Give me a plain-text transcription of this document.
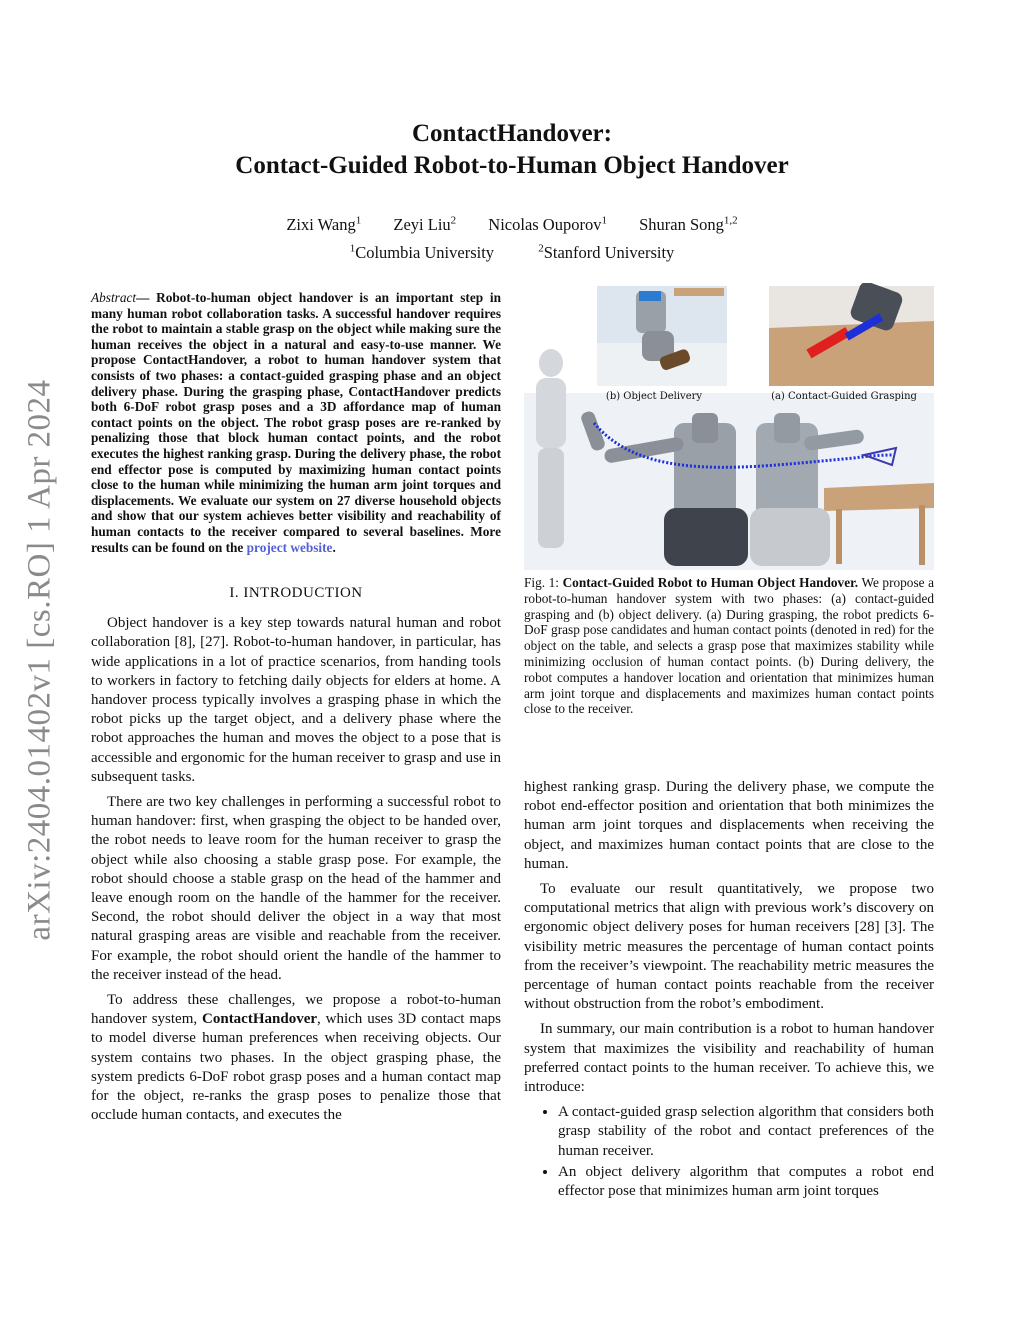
ContactHandover:
Contact-Guided Robot-to-Human Object Handover
Zixi Wang$^1$ Zeyi Liu$^2$ Nicolas Ouporov$^1$ Shuran Song$^{1,2}$
$^1$Columbia University	$^2$Stanford University
arXiv:2404.01402v1 [cs.RO] 1 Apr 2024

Abstract— Robot-to-human object handover is an important step in many human robot collaboration tasks. A successful handover requires the robot to maintain a stable grasp on the object while making sure the human receives the object in a natural and easy-to-use manner. We propose ContactHandover, a robot to human handover system that consists of two phases: a contact-guided grasping phase and an object delivery phase. During the grasping phase, ContactHandover predicts both 6-DoF robot grasp poses and a 3D affordance map of human contact points on the object. The robot grasp poses are re-ranked by penalizing those that block human contact points, and the robot executes the highest ranking grasp. During the delivery phase, the robot end effector pose is computed by maximizing human contact points close to the human while minimizing the human arm joint torques and displacements. We evaluate our system on 27 diverse household objects and show that our system achieves better visibility and reachability of human contacts to the receiver compared to several baselines. More results can be found on the project website.

I. INTRODUCTION

Object handover is a key step towards natural human and robot collaboration [8], [27]. Robot-to-human handover, in particular, has wide applications in a lot of practice scenarios, from handing tools to workers in factory to fetching daily objects for elders at home. A handover process typically involves a grasping phase in which the robot picks up the target object, and a delivery phase where the robot approaches the human and moves the object to a pose that is accessible and ergonomic for the human receiver to grasp and use in subsequent tasks.

There are two key challenges in performing a successful robot to human handover: first, when grasping the object to be handed over, the robot needs to leave room for the human receiver to grasp the object while also choosing a stable grasp pose. For example, the robot should choose a stable grasp on the head of the hammer and leave enough room on the handle of the hammer for the receiver. Second, the robot should deliver the object in a way that most natural grasping areas are visible and reachable from the receiver. For example, the robot should orient the handle of the hammer to the receiver instead of the head.

To address these challenges, we propose a robot-to-human handover system, ContactHandover, which uses 3D contact maps to model diverse human preferences when receiving objects. Our system contains two phases. In the object grasping phase, the system predicts 6-DoF robot grasp poses and a human contact map for the object, re-ranks the grasp poses to penalize those that occlude human contacts, and executes the

(b) Object Delivery	(a) Contact-Guided Grasping
Fig. 1: Contact-Guided Robot to Human Object Handover. We propose a robot-to-human handover system with two phases: (a) contact-guided grasping and (b) object delivery. (a) During grasping, the robot predicts 6-DoF grasp pose candidates and human contact points (denoted in red) for the object on the table, and selects a grasp pose that maximizes stability while minimizing occlusion of human contact points. (b) During delivery, the robot computes a handover location and orientation that minimizes human arm joint torque and displacements and maximizes human contact points close to the receiver.

highest ranking grasp. During the delivery phase, we compute the robot end-effector position and orientation that both minimizes the human arm joint torques and displacements when receiving the object, and maximizes human contact points that are close to the human.

To evaluate our result quantitatively, we propose two computational metrics that align with previous work’s discovery on ergonomic object delivery poses for human receivers [28] [3]. The visibility metric measures the percentage of human contact points from the receiver’s viewpoint. The reachability metric measures the percentage of human contact points reachable from the receiver without obstruction from the robot’s embodiment.

In summary, our main contribution is a robot to human handover system that maximizes the visibility and reachability of human preferred contact points to the human receiver. To achieve this, we introduce:

• A contact-guided grasp selection algorithm that considers both grasp stability of the robot and contact preferences of the human receiver.
• An object delivery algorithm that computes a robot end effector pose that minimizes human arm joint torques
